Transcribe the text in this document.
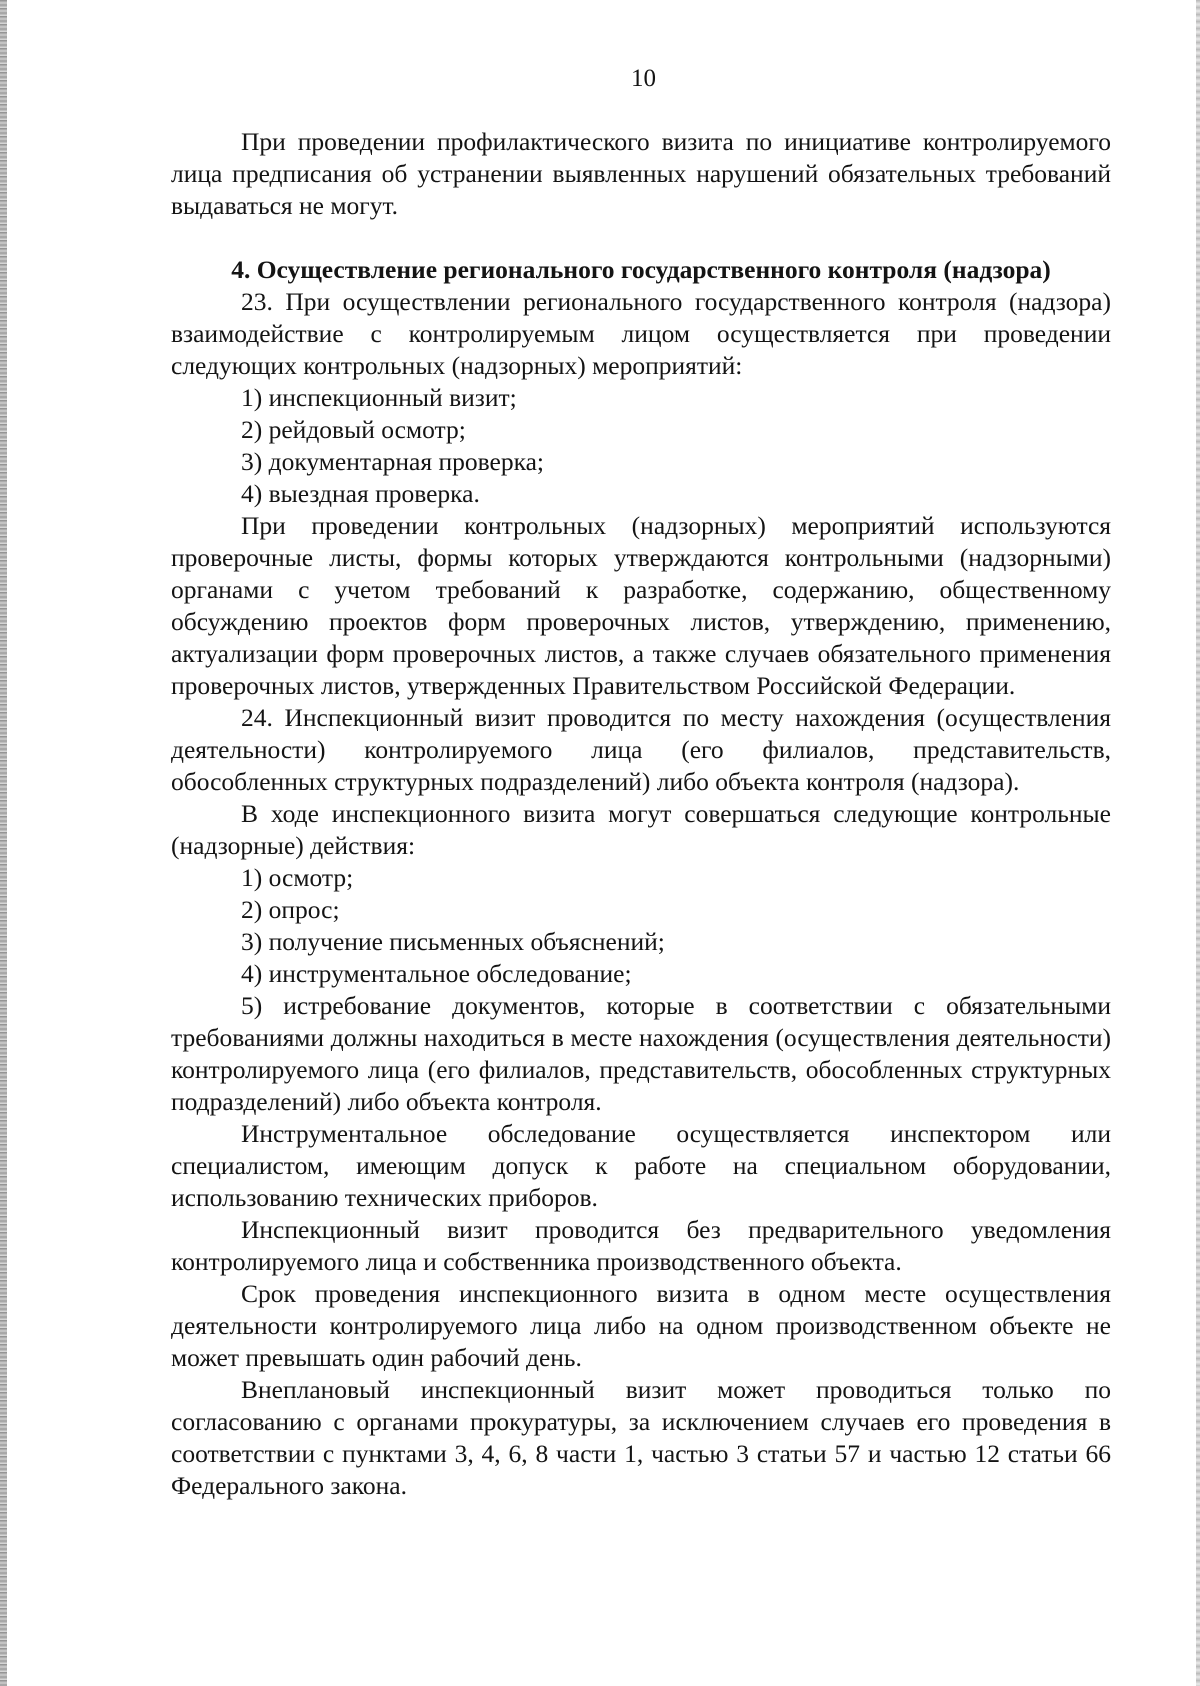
10

При проведении профилактического визита по инициативе контролируемого лица предписания об устранении выявленных нарушений обязательных требований выдаваться не могут.

4. Осуществление регионального государственного контроля (надзора)

23. При осуществлении регионального государственного контроля (надзора) взаимодействие с контролируемым лицом осуществляется при проведении следующих контрольных (надзорных) мероприятий:

1) инспекционный визит;

2) рейдовый осмотр;

3) документарная проверка;

4) выездная проверка.

При проведении контрольных (надзорных) мероприятий используются проверочные листы, формы которых утверждаются контрольными (надзорными) органами с учетом требований к разработке, содержанию, общественному обсуждению проектов форм проверочных листов, утверждению, применению, актуализации форм проверочных листов, а также случаев обязательного применения проверочных листов, утвержденных Правительством Российской Федерации.

24. Инспекционный визит проводится по месту нахождения (осуществления деятельности) контролируемого лица (его филиалов, представительств, обособленных структурных подразделений) либо объекта контроля (надзора).

В ходе инспекционного визита могут совершаться следующие контрольные (надзорные) действия:

1) осмотр;

2) опрос;

3) получение письменных объяснений;

4) инструментальное обследование;

5) истребование документов, которые в соответствии с обязательными требованиями должны находиться в месте нахождения (осуществления деятельности) контролируемого лица (его филиалов, представительств, обособленных структурных подразделений) либо объекта контроля.

Инструментальное обследование осуществляется инспектором или специалистом, имеющим допуск к работе на специальном оборудовании, использованию технических приборов.

Инспекционный визит проводится без предварительного уведомления контролируемого лица и собственника производственного объекта.

Срок проведения инспекционного визита в одном месте осуществления деятельности контролируемого лица либо на одном производственном объекте не может превышать один рабочий день.

Внеплановый инспекционный визит может проводиться только по согласованию с органами прокуратуры, за исключением случаев его проведения в соответствии с пунктами 3, 4, 6, 8 части 1, частью 3 статьи 57 и частью 12 статьи 66 Федерального закона.
